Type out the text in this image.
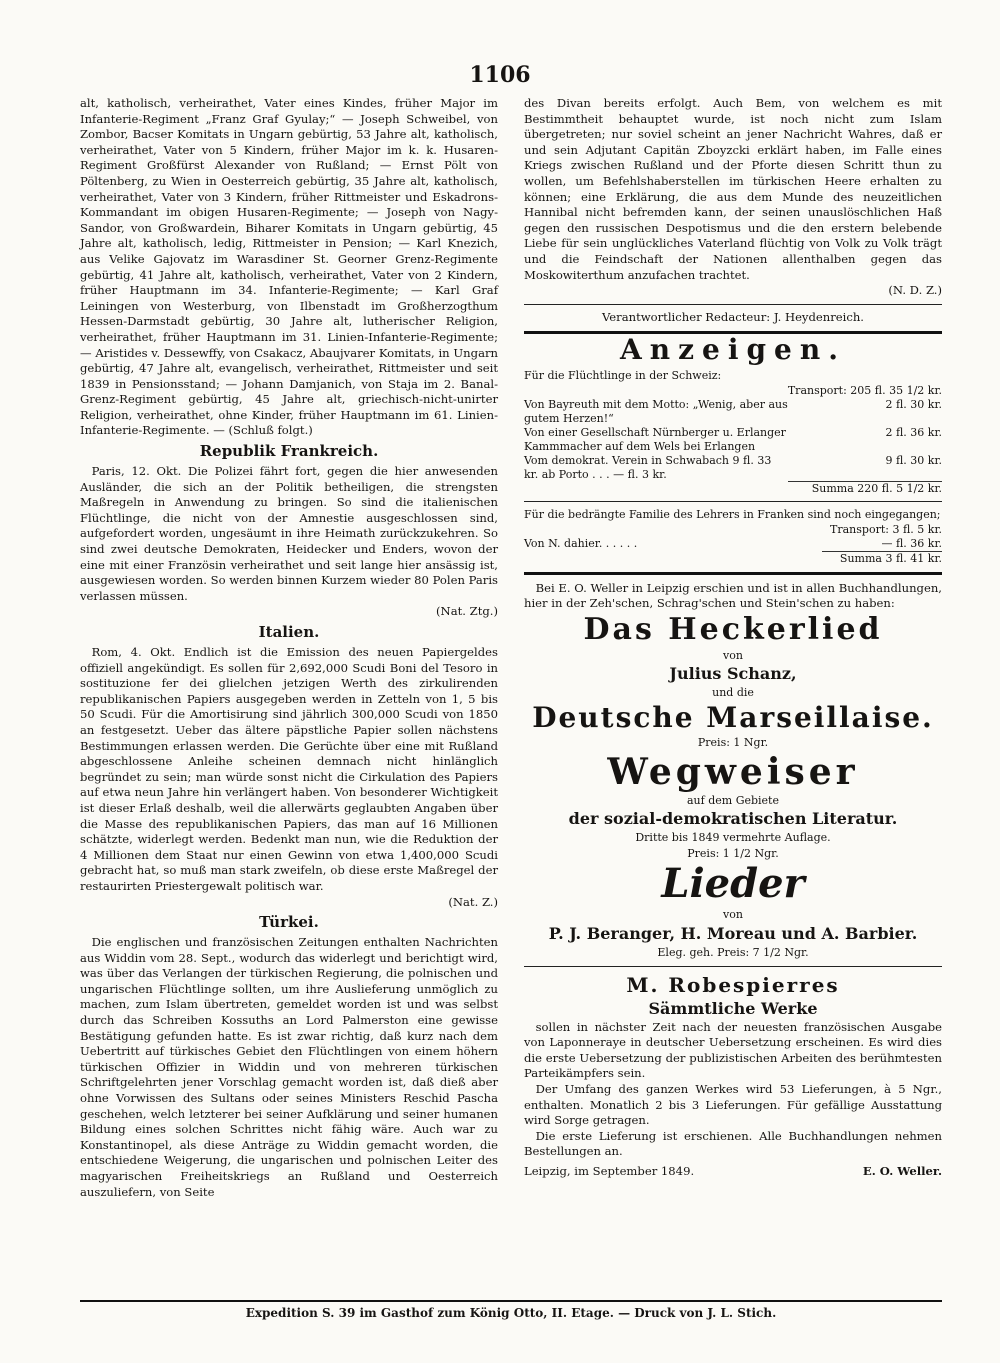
1106

alt, katholisch, verheirathet, Vater eines Kindes, früher Major im Infanterie-Regiment „Franz Graf Gyulay;“ — Joseph Schweibel, von Zombor, Bacser Komitats in Ungarn gebürtig, 53 Jahre alt, katholisch, verheirathet, Vater von 5 Kindern, früher Major im k. k. Husaren-Regiment Großfürst Alexander von Rußland; — Ernst Pölt von Pöltenberg, zu Wien in Oesterreich gebürtig, 35 Jahre alt, katholisch, verheirathet, Vater von 3 Kindern, früher Rittmeister und Eskadrons-Kommandant im obigen Husaren-Regimente; — Joseph von Nagy-Sandor, von Großwardein, Biharer Komitats in Ungarn gebürtig, 45 Jahre alt, katholisch, ledig, Rittmeister in Pension; — Karl Knezich, aus Velike Gajovatz im Warasdiner St. Georner Grenz-Regimente gebürtig, 41 Jahre alt, katholisch, verheirathet, Vater von 2 Kindern, früher Hauptmann im 34. Infanterie-Regimente; — Karl Graf Leiningen von Westerburg, von Ilbenstadt im Großherzogthum Hessen-Darmstadt gebürtig, 30 Jahre alt, lutherischer Religion, verheirathet, früher Hauptmann im 31. Linien-Infanterie-Regimente; — Aristides v. Dessewffy, von Csakacz, Abaujvarer Komitats, in Ungarn gebürtig, 47 Jahre alt, evangelisch, verheirathet, Rittmeister und seit 1839 in Pensionsstand; — Johann Damjanich, von Staja im 2. Banal-Grenz-Regiment gebürtig, 45 Jahre alt, griechisch-nicht-unirter Religion, verheirathet, ohne Kinder, früher Hauptmann im 61. Linien-Infanterie-Regimente. — (Schluß folgt.)

Republik Frankreich.

Paris, 12. Okt. Die Polizei fährt fort, gegen die hier anwesenden Ausländer, die sich an der Politik betheiligen, die strengsten Maßregeln in Anwendung zu bringen. So sind die italienischen Flüchtlinge, die nicht von der Amnestie ausgeschlossen sind, aufgefordert worden, ungesäumt in ihre Heimath zurückzukehren. So sind zwei deutsche Demokraten, Heidecker und Enders, wovon der eine mit einer Französin verheirathet und seit lange hier ansässig ist, ausgewiesen worden. So werden binnen Kurzem wieder 80 Polen Paris verlassen müssen.

(Nat. Ztg.)

Italien.

Rom, 4. Okt. Endlich ist die Emission des neuen Papiergeldes offiziell angekündigt. Es sollen für 2,692,000 Scudi Boni del Tesoro in sostituzione fer dei glielchen jetzigen Werth des zirkulirenden republikanischen Papiers ausgegeben werden in Zetteln von 1, 5 bis 50 Scudi. Für die Amortisirung sind jährlich 300,000 Scudi von 1850 an festgesetzt. Ueber das ältere päpstliche Papier sollen nächstens Bestimmungen erlassen werden. Die Gerüchte über eine mit Rußland abgeschlossene Anleihe scheinen demnach nicht hinlänglich begründet zu sein; man würde sonst nicht die Cirkulation des Papiers auf etwa neun Jahre hin verlängert haben. Von besonderer Wichtigkeit ist dieser Erlaß deshalb, weil die allerwärts geglaubten Angaben über die Masse des republikanischen Papiers, das man auf 16 Millionen schätzte, widerlegt werden. Bedenkt man nun, wie die Reduktion der 4 Millionen dem Staat nur einen Gewinn von etwa 1,400,000 Scudi gebracht hat, so muß man stark zweifeln, ob diese erste Maßregel der restaurirten Priestergewalt politisch war.

(Nat. Z.)

Türkei.

Die englischen und französischen Zeitungen enthalten Nachrichten aus Widdin vom 28. Sept., wodurch das widerlegt und berichtigt wird, was über das Verlangen der türkischen Regierung, die polnischen und ungarischen Flüchtlinge sollten, um ihre Auslieferung unmöglich zu machen, zum Islam übertreten, gemeldet worden ist und was selbst durch das Schreiben Kossuths an Lord Palmerston eine gewisse Bestätigung gefunden hatte. Es ist zwar richtig, daß kurz nach dem Uebertritt auf türkisches Gebiet den Flüchtlingen von einem höhern türkischen Offizier in Widdin und von mehreren türkischen Schriftgelehrten jener Vorschlag gemacht worden ist, daß dieß aber ohne Vorwissen des Sultans oder seines Ministers Reschid Pascha geschehen, welch letzterer bei seiner Aufklärung und seiner humanen Bildung eines solchen Schrittes nicht fähig wäre. Auch war zu Konstantinopel, als diese Anträge zu Widdin gemacht worden, die entschiedene Weigerung, die ungarischen und polnischen Leiter des magyarischen Freiheitskriegs an Rußland und Oesterreich auszuliefern, von Seite

des Divan bereits erfolgt. Auch Bem, von welchem es mit Bestimmtheit behauptet wurde, ist noch nicht zum Islam übergetreten; nur soviel scheint an jener Nachricht Wahres, daß er und sein Adjutant Capitän Zboyzcki erklärt haben, im Falle eines Kriegs zwischen Rußland und der Pforte diesen Schritt thun zu wollen, um Befehlshaberstellen im türkischen Heere erhalten zu können; eine Erklärung, die aus dem Munde des neuzeitlichen Hannibal nicht befremden kann, der seinen unauslöschlichen Haß gegen den russischen Despotismus und die den erstern belebende Liebe für sein unglückliches Vaterland flüchtig von Volk zu Volk trägt und die Feindschaft der Nationen allenthalben gegen das Moskowiterthum anzufachen trachtet.

(N. D. Z.)

Verantwortlicher Redacteur: J. Heydenreich.

Anzeigen.

Für die Flüchtlinge in der Schweiz:

	Transport: 205 fl. 35 1/2 kr.
Von Bayreuth mit dem Motto: „Wenig, aber aus gutem Herzen!“	2 fl. 30 kr.
Von einer Gesellschaft Nürnberger u. Erlanger Kammmacher auf dem Wels bei Erlangen	2 fl. 36 kr.
Vom demokrat. Verein in Schwabach 9 fl. 33 kr. ab Porto . . . — fl. 3 kr.	9 fl. 30 kr.
	Summa 220 fl. 5 1/2 kr.

Für die bedrängte Familie des Lehrers in Franken sind noch eingegangen;

	Transport: 3 fl. 5 kr.
Von N. dahier. . . . . .	— fl. 36 kr.
	Summa 3 fl. 41 kr.

Bei E. O. Weller in Leipzig erschien und ist in allen Buchhandlungen, hier in der Zeh'schen, Schrag'schen und Stein'schen zu haben:

Das Heckerlied

von

Julius Schanz,

und die

Deutsche Marseillaise.

Preis: 1 Ngr.

Wegweiser

auf dem Gebiete

der sozial-demokratischen Literatur.

Dritte bis 1849 vermehrte Auflage.

Preis: 1 1/2 Ngr.

Lieder

von

P. J. Beranger, H. Moreau und A. Barbier.

Eleg. geh. Preis: 7 1/2 Ngr.

M. Robespierres

Sämmtliche Werke

sollen in nächster Zeit nach der neuesten französischen Ausgabe von Laponneraye in deutscher Uebersetzung erscheinen. Es wird dies die erste Uebersetzung der publizistischen Arbeiten des berühmtesten Parteikämpfers sein.

Der Umfang des ganzen Werkes wird 53 Lieferungen, à 5 Ngr., enthalten. Monatlich 2 bis 3 Lieferungen. Für gefällige Ausstattung wird Sorge getragen.

Die erste Lieferung ist erschienen. Alle Buchhandlungen nehmen Bestellungen an.

Leipzig, im September 1849.	E. O. Weller.
Expedition S. 39 im Gasthof zum König Otto, II. Etage. — Druck von J. L. Stich.
